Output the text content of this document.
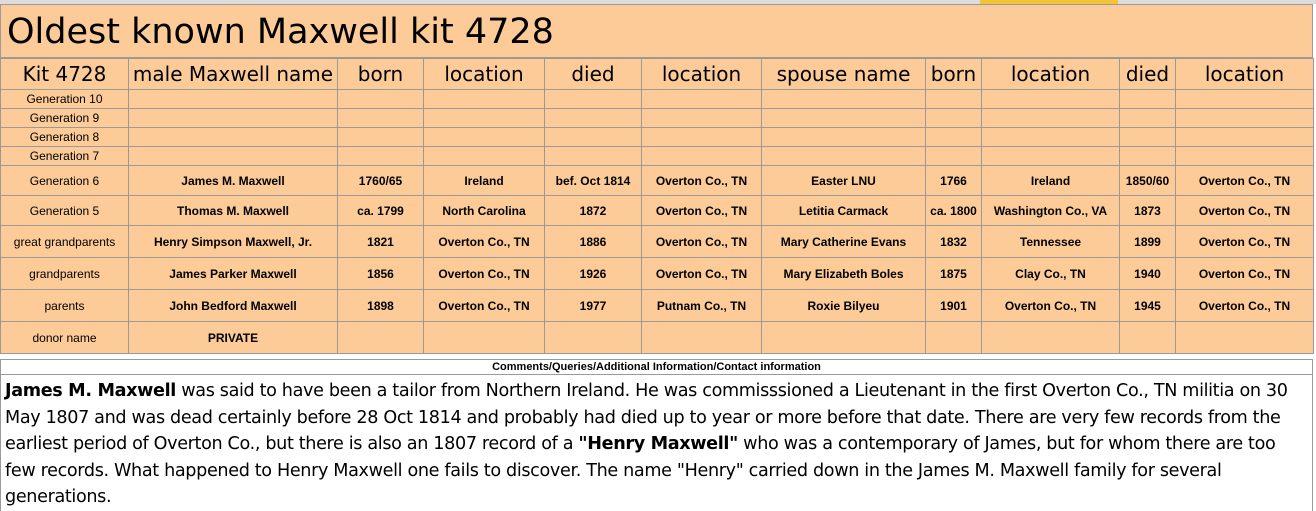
Oldest known Maxwell kit 4728
Kit 4728	male Maxwell name	born	location	died	location	spouse name	born	location	died	location
Generation 10										
Generation 9										
Generation 8										
Generation 7										
Generation 6	James M. Maxwell	1760/65	Ireland	bef. Oct 1814	Overton Co., TN	Easter LNU	1766	Ireland	1850/60	Overton Co., TN
Generation 5	Thomas M. Maxwell	ca. 1799	North Carolina	1872	Overton Co., TN	Letitia Carmack	ca. 1800	Washington Co., VA	1873	Overton Co., TN
great grandparents	Henry Simpson Maxwell, Jr.	1821	Overton Co., TN	1886	Overton Co., TN	Mary Catherine Evans	1832	Tennessee	1899	Overton Co., TN
grandparents	James Parker Maxwell	1856	Overton Co., TN	1926	Overton Co., TN	Mary Elizabeth Boles	1875	Clay Co., TN	1940	Overton Co., TN
parents	John Bedford Maxwell	1898	Overton Co., TN	1977	Putnam Co., TN	Roxie Bilyeu	1901	Overton Co., TN	1945	Overton Co., TN
donor name	PRIVATE									
Comments/Queries/Additional Information/Contact information
James M. Maxwell was said to have been a tailor from Northern Ireland. He was commisssioned a Lieutenant in the first Overton Co., TN militia on 30 May 1807 and was dead certainly before 28 Oct 1814 and probably had died up to year or more before that date. There are very few records from the earliest period of Overton Co., but there is also an 1807 record of a "Henry Maxwell" who was a contemporary of James, but for whom there are too few records. What happened to Henry Maxwell one fails to discover. The name "Henry" carried down in the James M. Maxwell family for several generations.
